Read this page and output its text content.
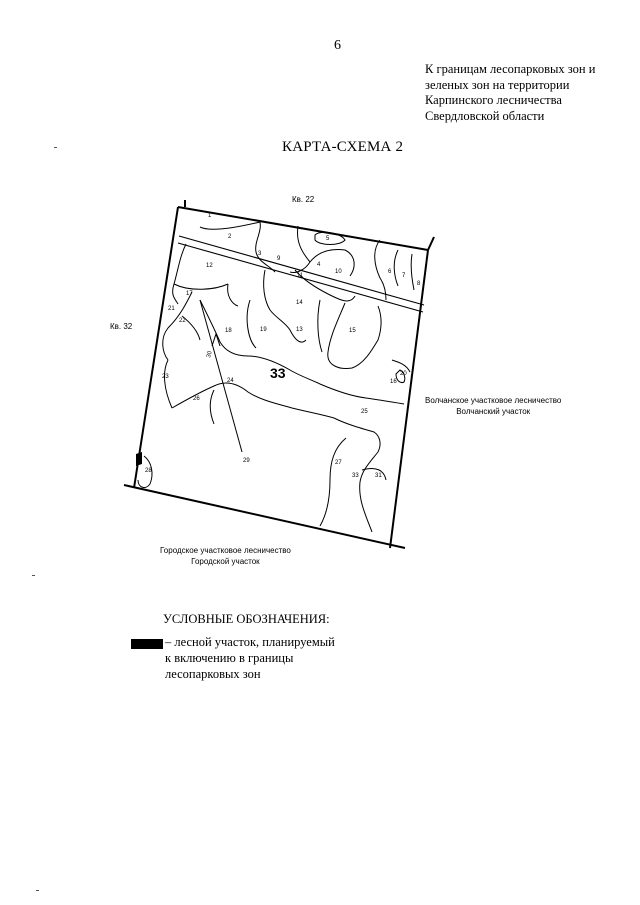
6
К границам лесопарковых зон и
зеленых зон на территории
Карпинского лесничества
Свердловской области
КАРТА-СХЕМА 2
Кв. 22
Кв. 32
33
1
2
3
4
5
6
7
8
9
10
11
12
13
14
15
16
17
18	19
20
21
22
23
24
25
26
27
28
29
30
31
33
Волчанское участковое лесничество
Волчанский участок
Городское участковое лесничество
Городской участок
УСЛОВНЫЕ ОБОЗНАЧЕНИЯ:
– лесной участок, планируемый
к включению в границы
лесопарковых зон
